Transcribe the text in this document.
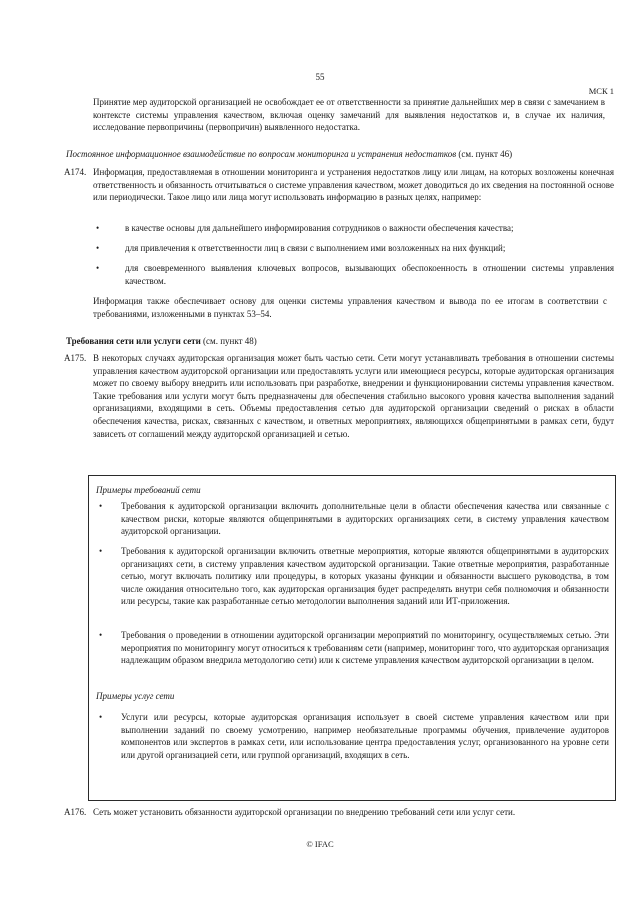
55
МСК 1

Принятие мер аудиторской организацией не освобождает ее от ответственности за принятие дальнейших мер в связи с замечанием в контексте системы управления качеством, включая оценку замечаний для выявления недостатков и, в случае их наличия, исследование первопричины (первопричин) выявленного недостатка.

Постоянное информационное взаимодействие по вопросам мониторинга и устранения недостатков (см. пункт 46)

A174. Информация, предоставляемая в отношении мониторинга и устранения недостатков лицу или лицам, на которых возложены конечная ответственность и обязанность отчитываться о системе управления качеством, может доводиться до их сведения на постоянной основе или периодически. Такое лицо или лица могут использовать информацию в разных целях, например:

•	в качестве основы для дальнейшего информирования сотрудников о важности обеспечения качества;

•	для привлечения к ответственности лиц в связи с выполнением ими возложенных на них функций;

•	для своевременного выявления ключевых вопросов, вызывающих обеспокоенность в отношении системы управления качеством.

Информация также обеспечивает основу для оценки системы управления качеством и вывода по ее итогам в соответствии с требованиями, изложенными в пунктах 53–54.

Требования сети или услуги сети (см. пункт 48)

A175. В некоторых случаях аудиторская организация может быть частью сети. Сети могут устанавливать требования в отношении системы управления качеством аудиторской организации или предоставлять услуги или имеющиеся ресурсы, которые аудиторская организация может по своему выбору внедрить или использовать при разработке, внедрении и функционировании системы управления качеством. Такие требования или услуги могут быть предназначены для обеспечения стабильно высокого уровня качества выполнения заданий организациями, входящими в сеть. Объемы предоставления сетью для аудиторской организации сведений о рисках в области обеспечения качества, рисках, связанных с качеством, и ответных мероприятиях, являющихся общепринятыми в рамках сети, будут зависеть от соглашений между аудиторской организацией и сетью.

Примеры требований сети

•	Требования к аудиторской организации включить дополнительные цели в области обеспечения качества или связанные с качеством риски, которые являются общепринятыми в аудиторских организациях сети, в систему управления качеством аудиторской организации.

•	Требования к аудиторской организации включить ответные мероприятия, которые являются общепринятыми в аудиторских организациях сети, в систему управления качеством аудиторской организации. Такие ответные мероприятия, разработанные сетью, могут включать политику или процедуры, в которых указаны функции и обязанности высшего руководства, в том числе ожидания относительно того, как аудиторская организация будет распределять внутри себя полномочия и обязанности или ресурсы, такие как разработанные сетью методологии выполнения заданий или ИТ-приложения.

•	Требования о проведении в отношении аудиторской организации мероприятий по мониторингу, осуществляемых сетью. Эти мероприятия по мониторингу могут относиться к требованиям сети (например, мониторинг того, что аудиторская организация надлежащим образом внедрила методологию сети) или к системе управления качеством аудиторской организации в целом.

Примеры услуг сети

•	Услуги или ресурсы, которые аудиторская организация использует в своей системе управления качеством или при выполнении заданий по своему усмотрению, например необязательные программы обучения, привлечение аудиторов компонентов или экспертов в рамках сети, или использование центра предоставления услуг, организованного на уровне сети или другой организацией сети, или группой организаций, входящих в сеть.

A176. Сеть может установить обязанности аудиторской организации по внедрению требований сети или услуг сети.

© IFAC
